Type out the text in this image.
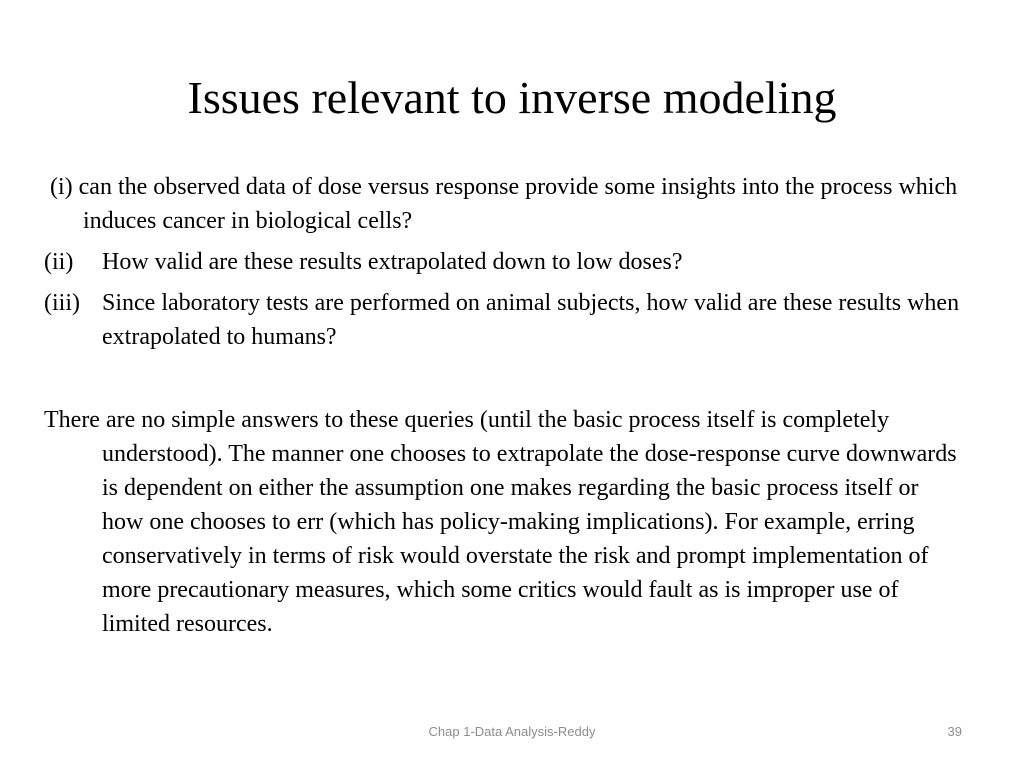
Issues relevant to inverse modeling
(i) can the observed data of dose versus response provide some insights into the process which induces cancer in biological cells?
(ii) How valid are these results extrapolated down to low doses?
(iii) Since laboratory tests are performed on animal subjects, how valid are these results when extrapolated to humans?
There are no simple answers to these queries (until the basic process itself is completely understood). The manner one chooses to extrapolate the dose-response curve downwards is dependent on either the assumption one makes regarding the basic process itself or how one chooses to err (which has policy-making implications). For example, erring conservatively in terms of risk would overstate the risk and prompt implementation of more precautionary measures, which some critics would fault as is improper use of limited resources.
Chap 1-Data Analysis-Reddy	39
